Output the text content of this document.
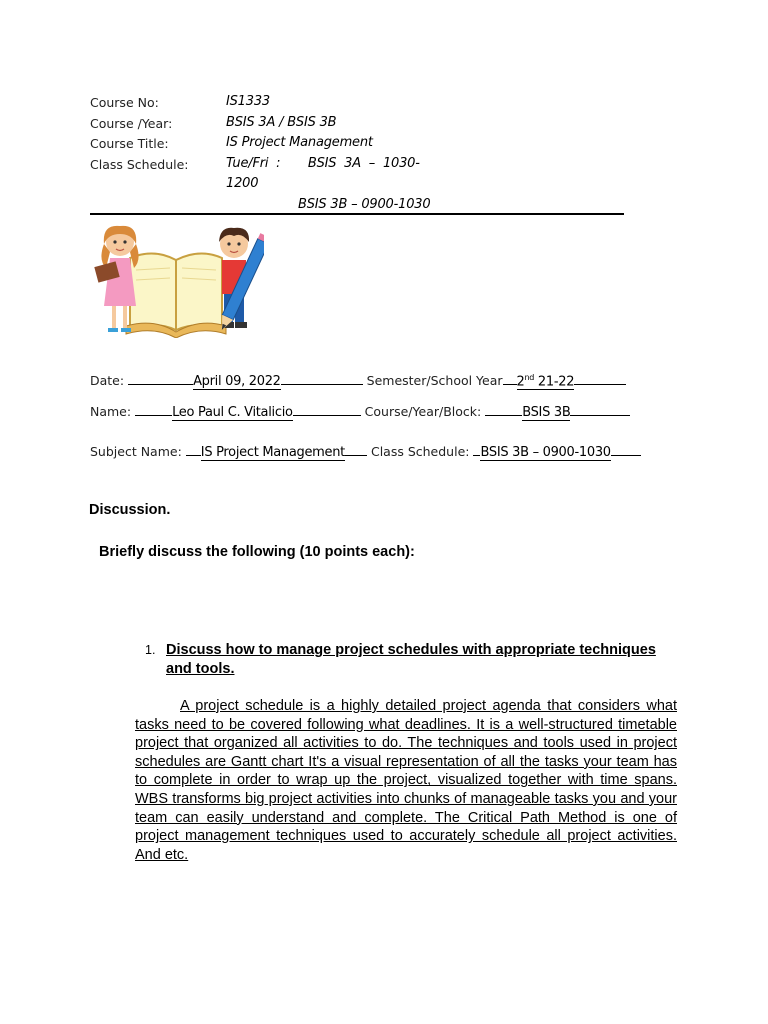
Course No:	IS1333
Course /Year:	BSIS 3A / BSIS 3B
Course Title:	IS Project Management
Class Schedule:	Tue/Fri  :       BSIS  3A  –  1030-
1200
BSIS 3B – 0900-1030
Date:	April 09, 2022	Semester/School Year 2nd 21-22
Name:	Leo Paul C. Vitalicio	Course/Year/Block:	BSIS 3B
Subject Name: IS Project Management Class Schedule: BSIS 3B – 0900-1030
Discussion.
Briefly discuss the following (10 points each):
1. Discuss how to manage project schedules with appropriate techniques and tools.
A project schedule is a highly detailed project agenda that considers what tasks need to be covered following what deadlines. It is a well-structured timetable project that organized all activities to do. The techniques and tools used in project schedules are Gantt chart It's a visual representation of all the tasks your team has to complete in order to wrap up the project, visualized together with time spans. WBS transforms big project activities into chunks of manageable tasks you and your team can easily understand and complete. The Critical Path Method is one of project management techniques used to accurately schedule all project activities. And etc.
